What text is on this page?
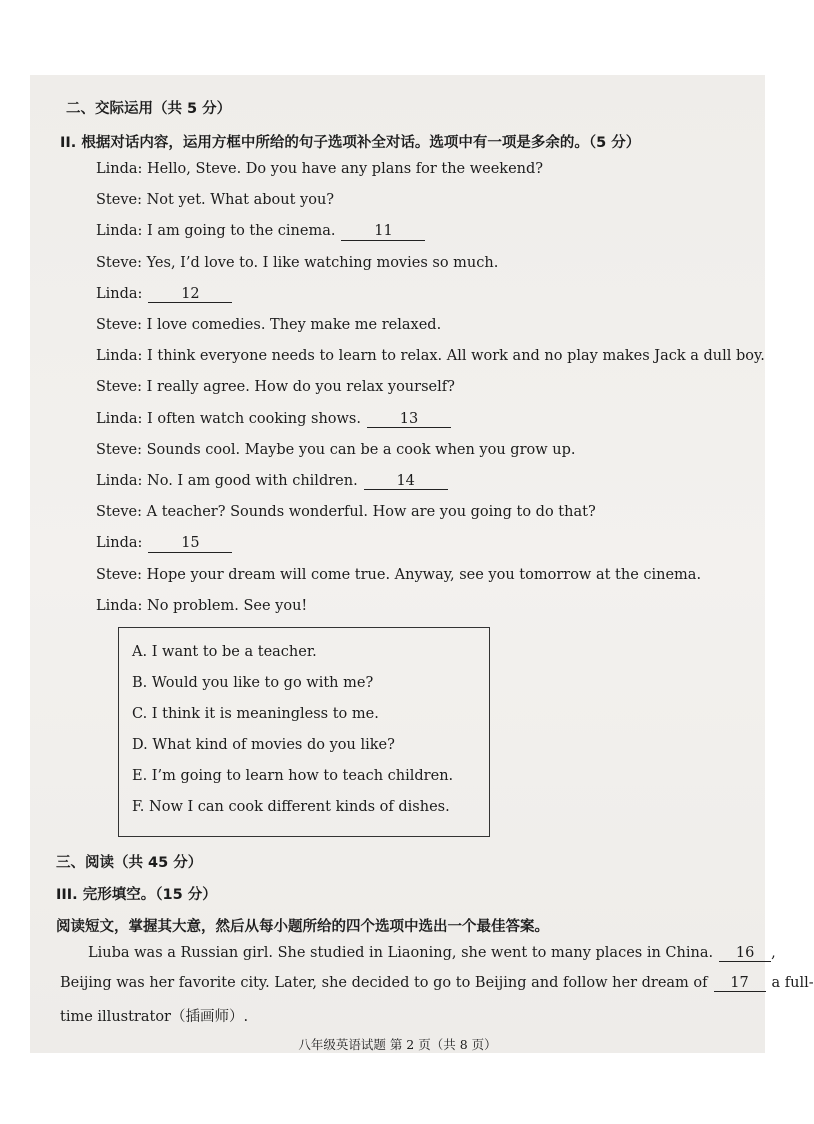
二、交际运用（共 5 分）
II. 根据对话内容，运用方框中所给的句子选项补全对话。选项中有一项是多余的。（5 分）
Linda: Hello, Steve. Do you have any plans for the weekend?
Steve: Not yet. What about you?
Linda: I am going to the cinema.	11
Steve: Yes, I’d love to. I like watching movies so much.
Linda:	12
Steve: I love comedies. They make me relaxed.
Linda: I think everyone needs to learn to relax. All work and no play makes Jack a dull boy.
Steve: I really agree. How do you relax yourself?
Linda: I often watch cooking shows.	13
Steve: Sounds cool. Maybe you can be a cook when you grow up.
Linda: No. I am good with children.	14
Steve: A teacher? Sounds wonderful. How are you going to do that?
Linda:	15
Steve: Hope your dream will come true. Anyway, see you tomorrow at the cinema.
Linda: No problem. See you!
A. I want to be a teacher.
B. Would you like to go with me?
C. I think it is meaningless to me.
D. What kind of movies do you like?
E. I’m going to learn how to teach children.
F. Now I can cook different kinds of dishes.
三、阅读（共 45 分）
III. 完形填空。（15 分）
阅读短文，掌握其大意，然后从每小题所给的四个选项中选出一个最佳答案。
Liuba was a Russian girl. She studied in Liaoning, she went to many places in China. 16 ,
Beijing was her favorite city. Later, she decided to go to Beijing and follow her dream of 17 a full-
time illustrator（插画师）.
八年级英语试题 第 2 页（共 8 页）
